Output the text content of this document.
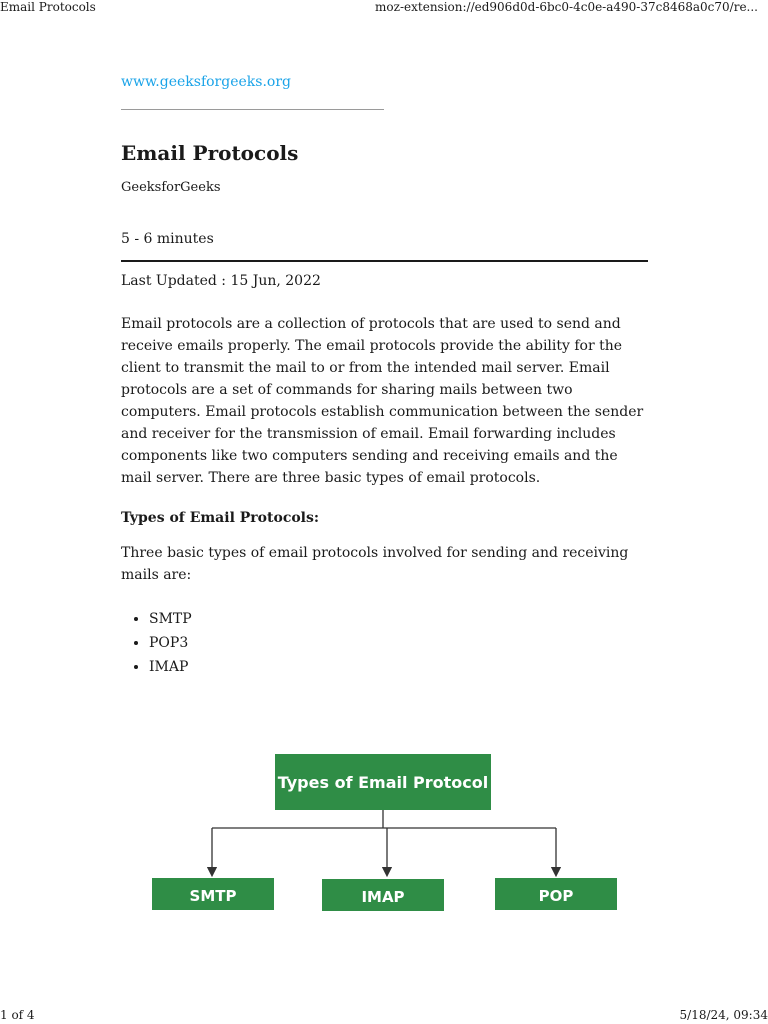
Email Protocols	moz-extension://ed906d0d-6bc0-4c0e-a490-37c8468a0c70/re...
www.geeksforgeeks.org
Email Protocols
GeeksforGeeks
5 - 6 minutes
Last Updated : 15 Jun, 2022

Email protocols are a collection of protocols that are used to send and receive emails properly. The email protocols provide the ability for the client to transmit the mail to or from the intended mail server. Email protocols are a set of commands for sharing mails between two computers. Email protocols establish communication between the sender and receiver for the transmission of email. Email forwarding includes components like two computers sending and receiving emails and the mail server. There are three basic types of email protocols.

Types of Email Protocols:

Three basic types of email protocols involved for sending and receiving mails are:

• SMTP
• POP3
• IMAP
Types of Email Protocol
SMTP	IMAP	POP
1 of 4	5/18/24, 09:34
